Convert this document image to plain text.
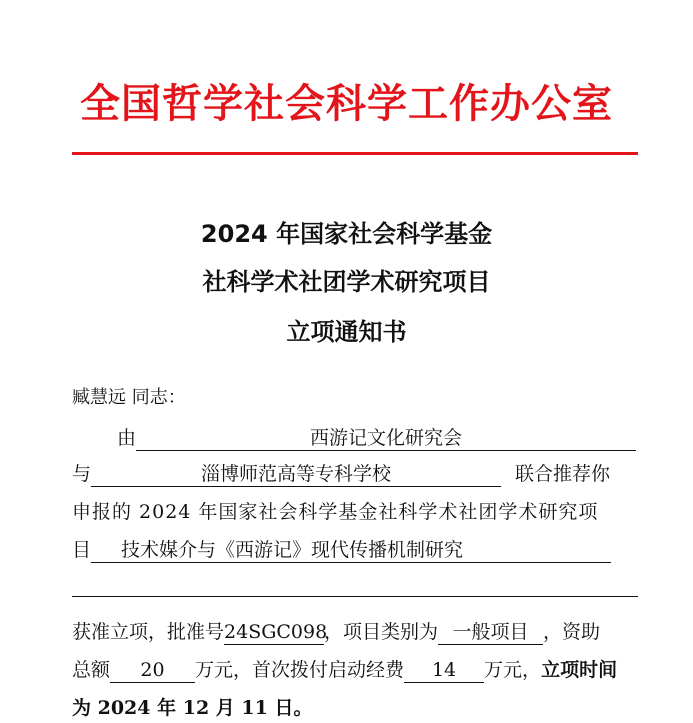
全国哲学社会科学工作办公室
2024 年国家社会科学基金
社科学术社团学术研究项目
立项通知书
臧慧远 同志：
由	西游记文化研究会
与	淄博师范高等专科学校	联合推荐你
申报的 2024 年国家社会科学基金社科学术社团学术研究项
目 技术媒介与《西游记》现代传播机制研究
获准立项，批准号24SGC098，项目类别为 一般项目 ，资助
总额 20 万元，首次拨付启动经费 14 万元，立项时间
为 2024 年 12 月 11 日。
